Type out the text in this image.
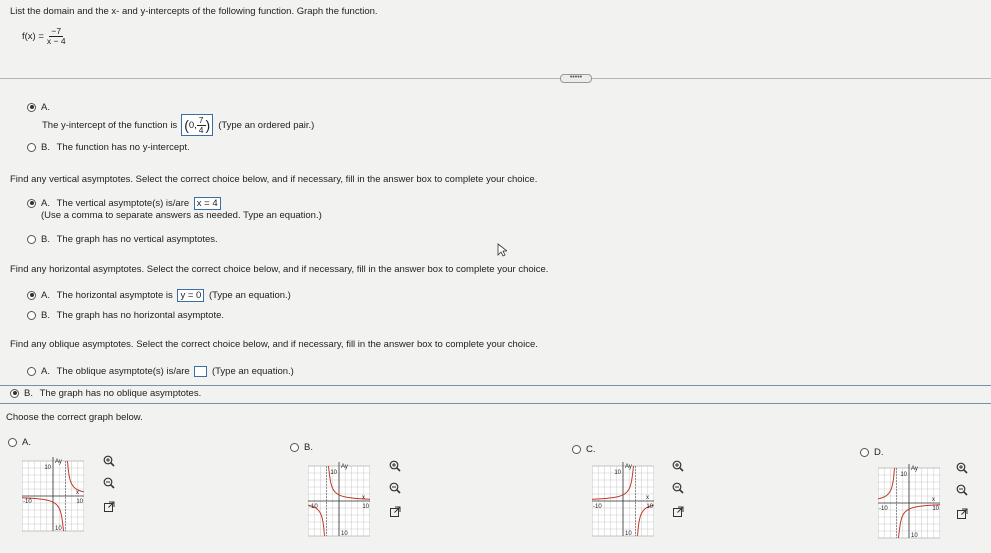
List the domain and the x- and y-intercepts of the following function. Graph the function.
$f(x) = \frac{-7}{x - 4}$
•••••
A.
The y-intercept of the function is ( 0, $\frac{7}{4}$ ) (Type an ordered pair.)
B. The function has no y-intercept.
Find any vertical asymptotes. Select the correct choice below, and if necessary, fill in the answer box to complete your choice.
A. The vertical asymptote(s) is/are x = 4
(Use a comma to separate answers as needed. Type an equation.)
B. The graph has no vertical asymptotes.
Find any horizontal asymptotes. Select the correct choice below, and if necessary, fill in the answer box to complete your choice.
A. The horizontal asymptote is y = 0 (Type an equation.)
B. The graph has no horizontal asymptote.
Find any oblique asymptotes. Select the correct choice below, and if necessary, fill in the answer box to complete your choice.
A. The oblique asymptote(s) is/are (Type an equation.)
B. The graph has no oblique asymptotes.
Choose the correct graph below.
A.
Ay
10
10
-10	10
x
B.
Ay
10
10
-10	10
x
C.
Ay
10
10
-10	10
x
D.
Ay
10
10
-10	10
x
